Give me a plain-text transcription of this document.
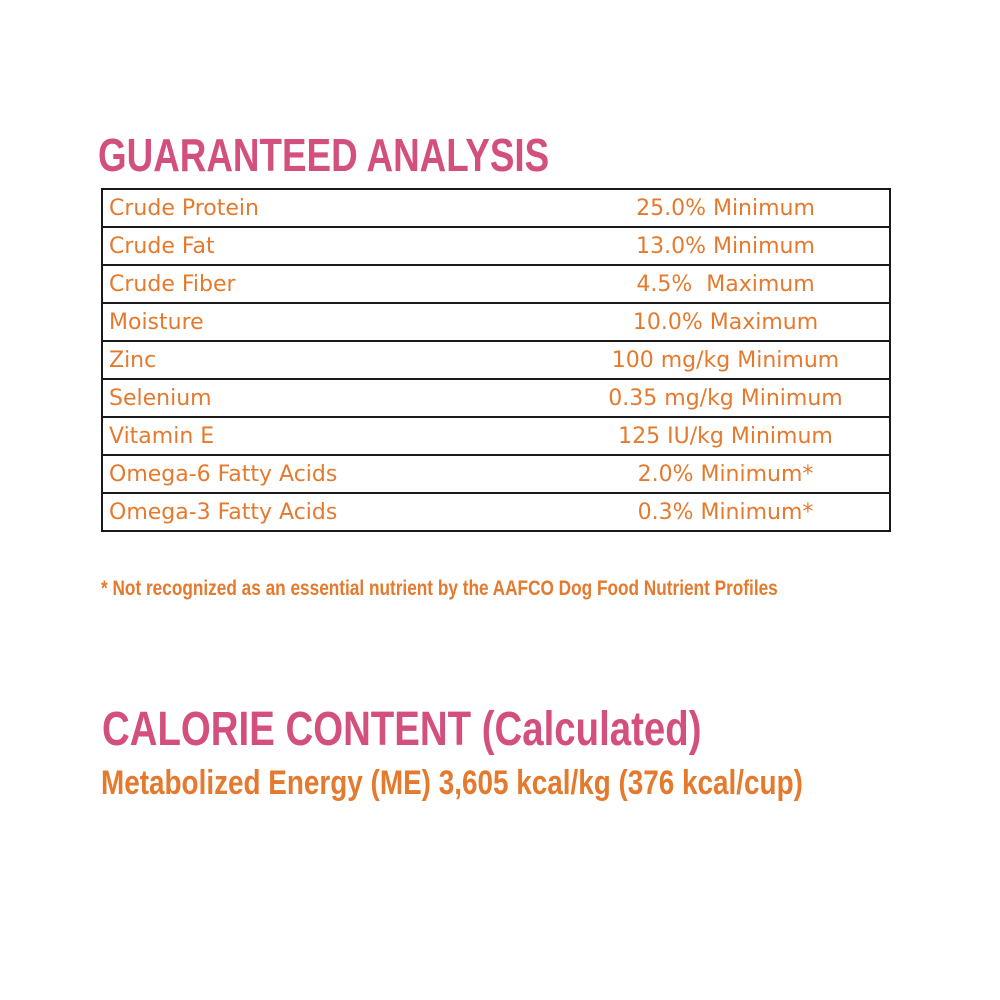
GUARANTEED ANALYSIS
Crude Protein	25.0% Minimum
Crude Fat	13.0% Minimum
Crude Fiber	4.5%  Maximum
Moisture	10.0% Maximum
Zinc	100 mg/kg Minimum
Selenium	0.35 mg/kg Minimum
Vitamin E	125 IU/kg Minimum
Omega-6 Fatty Acids	2.0% Minimum*
Omega-3 Fatty Acids	0.3% Minimum*

* Not recognized as an essential nutrient by the AAFCO Dog Food Nutrient Profiles

CALORIE CONTENT (Calculated)

Metabolized Energy (ME) 3,605 kcal/kg (376 kcal/cup)
